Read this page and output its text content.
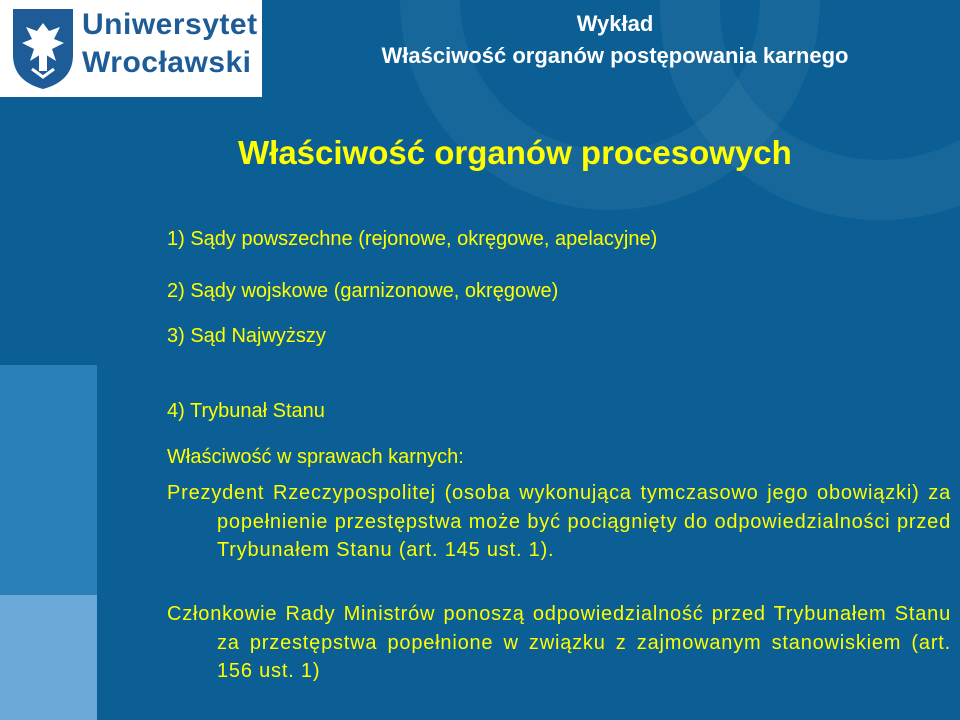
Uniwersytet
Wrocławski
Wykład
Właściwość organów postępowania karnego
Właściwość organów procesowych
1) Sądy powszechne (rejonowe, okręgowe, apelacyjne)
2) Sądy wojskowe (garnizonowe, okręgowe)
3) Sąd Najwyższy
4) Trybunał Stanu
Właściwość w sprawach karnych:
Prezydent Rzeczypospolitej (osoba wykonująca tymczasowo jego obowiązki) za popełnienie przestępstwa może być pociągnięty do odpowiedzialności przed Trybunałem Stanu (art. 145 ust. 1).
Członkowie Rady Ministrów ponoszą odpowiedzialność przed Trybunałem Stanu za przestępstwa popełnione w związku z zajmowanym stanowiskiem (art. 156 ust. 1)
